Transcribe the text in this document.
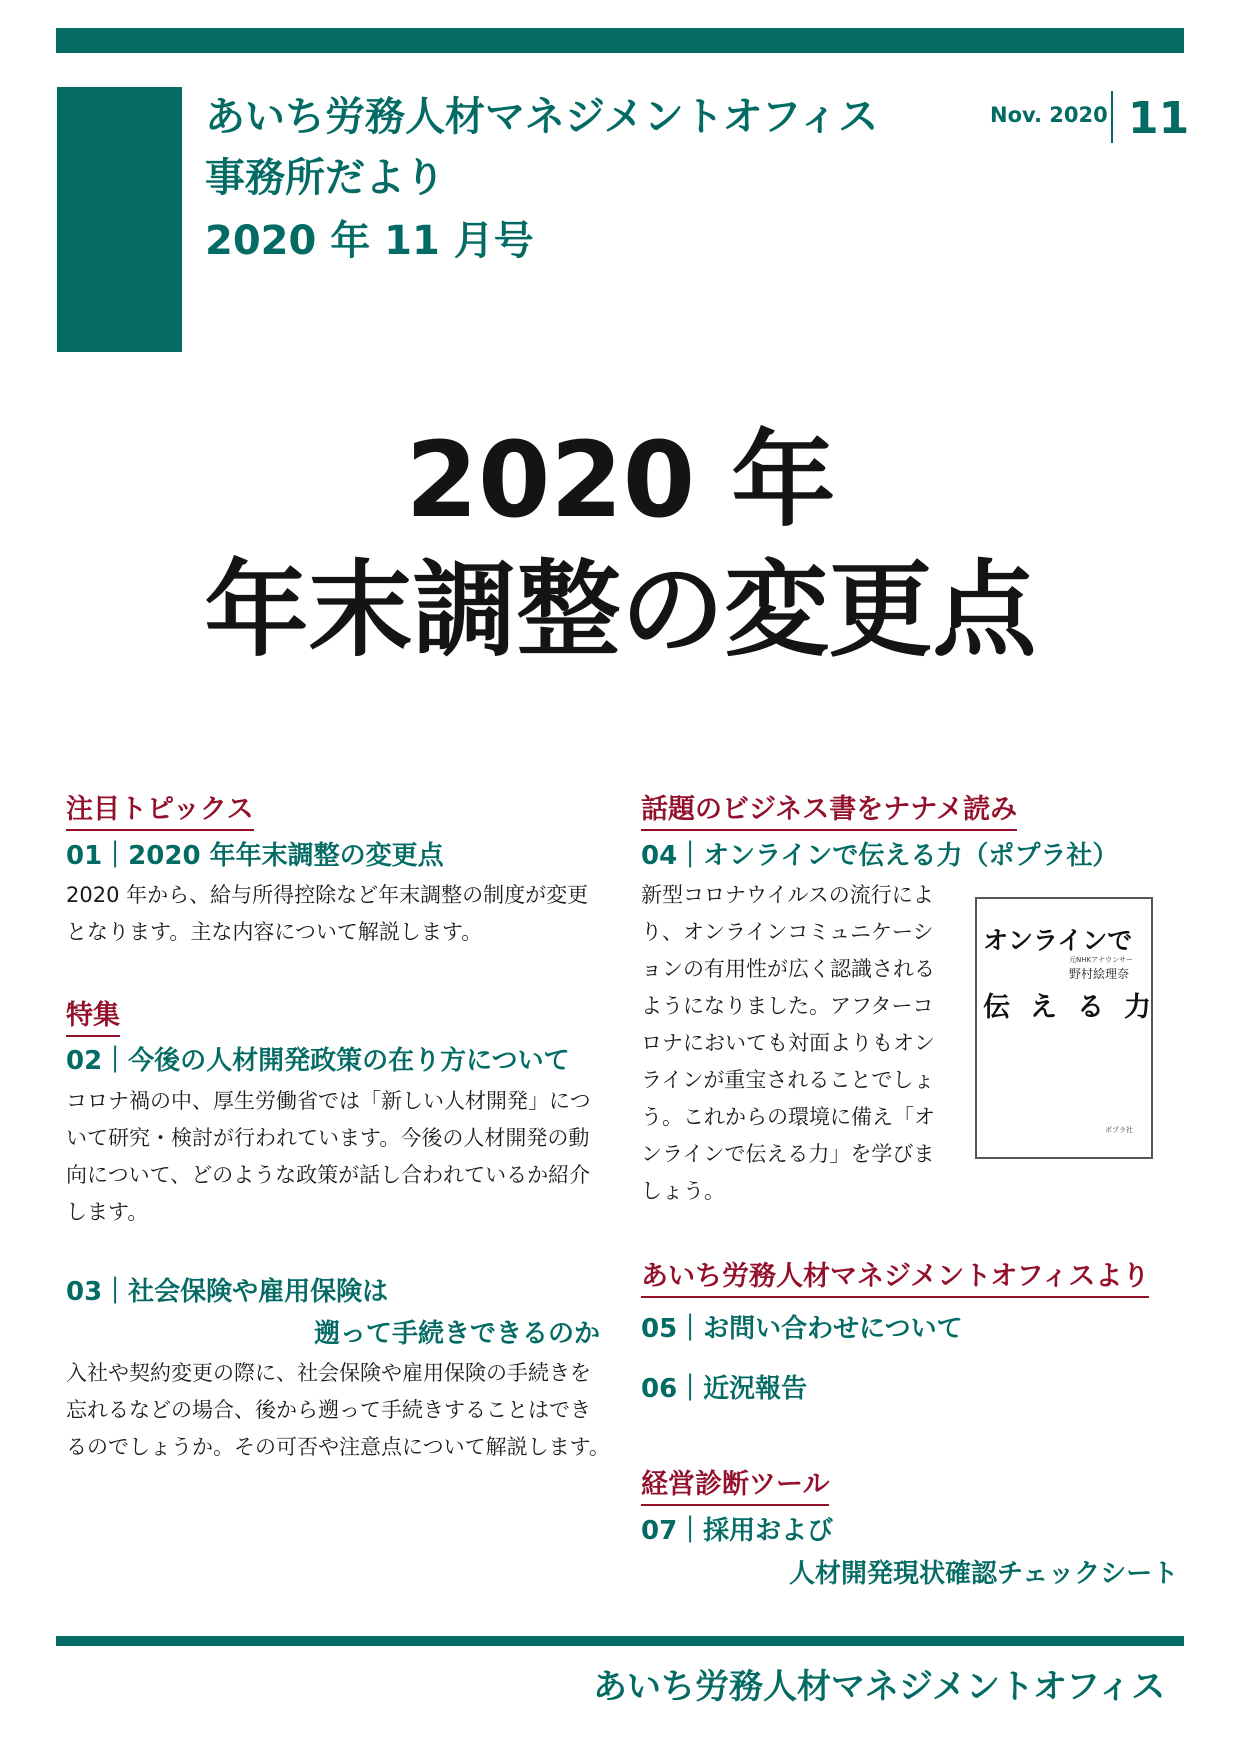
あいち労務人材マネジメントオフィス
事務所だより
2020 年 11 月号
Nov. 2020 11
2020 年
年末調整の変更点
注目トピックス
01｜2020 年年末調整の変更点
2020 年から、給与所得控除など年末調整の制度が変更
となります。主な内容について解説します。
特集
02｜今後の人材開発政策の在り方について
コロナ禍の中、厚生労働省では「新しい人材開発」につ
いて研究・検討が行われています。今後の人材開発の動
向について、どのような政策が話し合われているか紹介
します。
03｜社会保険や雇用保険は
遡って手続きできるのか
入社や契約変更の際に、社会保険や雇用保険の手続きを
忘れるなどの場合、後から遡って手続きすることはでき
るのでしょうか。その可否や注意点について解説します。
話題のビジネス書をナナメ読み
04｜オンラインで伝える力（ポプラ社）
新型コロナウイルスの流行によ
り、オンラインコミュニケーシ
ョンの有用性が広く認識される
ようになりました。アフターコ
ロナにおいても対面よりもオン
ラインが重宝されることでしょ
う。これからの環境に備え「オ
ンラインで伝える力」を学びま
しょう。
オンラインで
元NHKアナウンサー
野村絵理奈
伝える力
ポプラ社
あいち労務人材マネジメントオフィスより
05｜お問い合わせについて
06｜近況報告
経営診断ツール
07｜採用および
人材開発現状確認チェックシート
あいち労務人材マネジメントオフィス
